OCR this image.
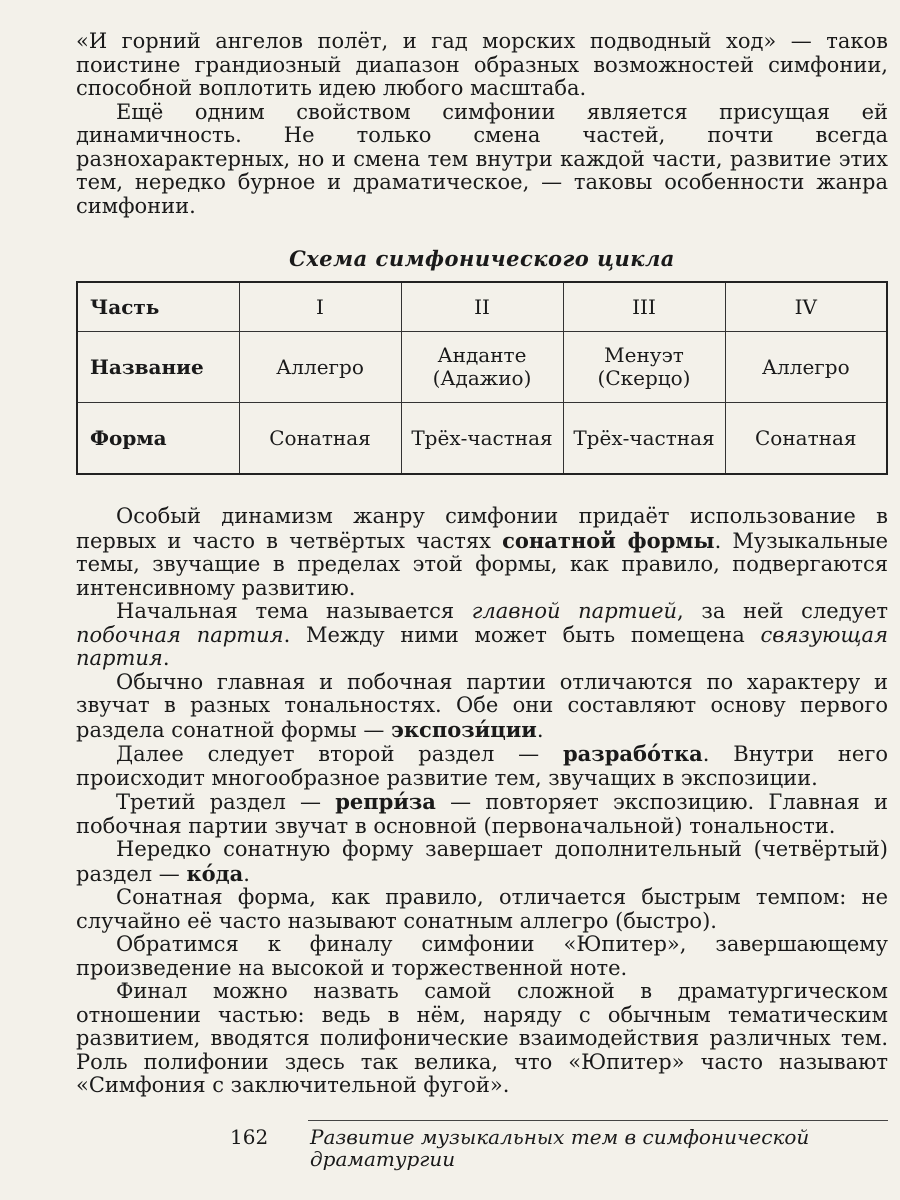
«И горний ангелов полёт, и гад морских подводный ход» — таков поистине грандиозный диапазон образных возможностей симфонии, способной воплотить идею любого масштаба.

Ещё одним свойством симфонии является присущая ей динамичность. Не только смена частей, почти всегда разнохарактерных, но и смена тем внутри каждой части, развитие этих тем, нередко бурное и драматическое, — таковы особенности жанра симфонии.

Схема симфонического цикла
Часть	I	II	III	IV
Название	Аллегро	Анданте (Адажио)	Менуэт (Скерцо)	Аллегро
Форма	Сонатная	Трёх-частная	Трёх-частная	Сонатная

Особый динамизм жанру симфонии придаёт использование в первых и часто в четвёртых частях сонатной формы. Музыкальные темы, звучащие в пределах этой формы, как правило, подвергаются интенсивному развитию.

Начальная тема называется главной партией, за ней следует побочная партия. Между ними может быть помещена связующая партия.

Обычно главная и побочная партии отличаются по характеру и звучат в разных тональностях. Обе они составляют основу первого раздела сонатной формы — экспози́ции.

Далее следует второй раздел — разрабо́тка. Внутри него происходит многообразное развитие тем, звучащих в экспозиции.

Третий раздел — репри́за — повторяет экспозицию. Главная и побочная партии звучат в основной (первоначальной) тональности.

Нередко сонатную форму завершает дополнительный (четвёртый) раздел — ко́да.

Сонатная форма, как правило, отличается быстрым темпом: не случайно её часто называют сонатным аллегро (быстро).

Обратимся к финалу симфонии «Юпитер», завершающему произведение на высокой и торжественной ноте.

Финал можно назвать самой сложной в драматургическом отношении частью: ведь в нём, наряду с обычным тематическим развитием, вводятся полифонические взаимодействия различных тем. Роль полифонии здесь так велика, что «Юпитер» часто называют «Симфония с заключительной фугой».

162 Развитие музыкальных тем в симфонической драматургии
